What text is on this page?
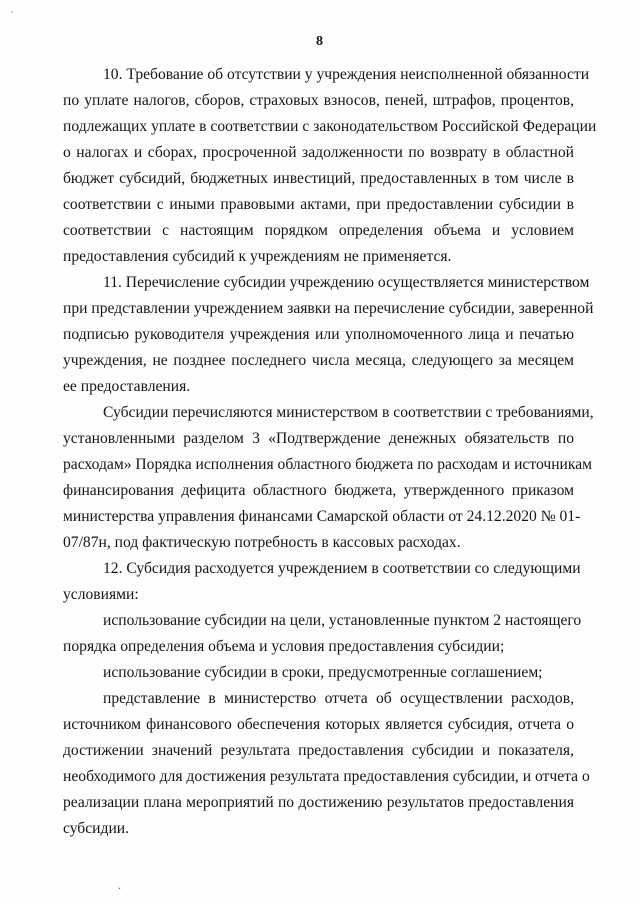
˙
.
8
10. Требование об отсутствии у учреждения неисполненной обязанности
по уплате налогов, сборов, страховых взносов, пеней, штрафов, процентов,
подлежащих уплате в соответствии с законодательством Российской Федерации
о налогах и сборах, просроченной задолженности по возврату в областной
бюджет субсидий, бюджетных инвестиций, предоставленных в том числе в
соответствии с иными правовыми актами, при предоставлении субсидии в
соответствии с настоящим порядком определения объема и условием
предоставления субсидий к учреждениям не применяется.
11. Перечисление субсидии учреждению осуществляется министерством
при представлении учреждением заявки на перечисление субсидии, заверенной
подписью руководителя учреждения или уполномоченного лица и печатью
учреждения, не позднее последнего числа месяца, следующего за месяцем
ее предоставления.
Субсидии перечисляются министерством в соответствии с требованиями,
установленными разделом 3 «Подтверждение денежных обязательств по
расходам» Порядка исполнения областного бюджета по расходам и источникам
финансирования дефицита областного бюджета, утвержденного приказом
министерства управления финансами Самарской области от 24.12.2020 № 01-
07/87н, под фактическую потребность в кассовых расходах.
12. Субсидия расходуется учреждением в соответствии со следующими
условиями:
использование субсидии на цели, установленные пунктом 2 настоящего
порядка определения объема и условия предоставления субсидии;
использование субсидии в сроки, предусмотренные соглашением;
представление в министерство отчета об осуществлении расходов,
источником финансового обеспечения которых является субсидия, отчета о
достижении значений результата предоставления субсидии и показателя,
необходимого для достижения результата предоставления субсидии, и отчета о
реализации плана мероприятий по достижению результатов предоставления
субсидии.
